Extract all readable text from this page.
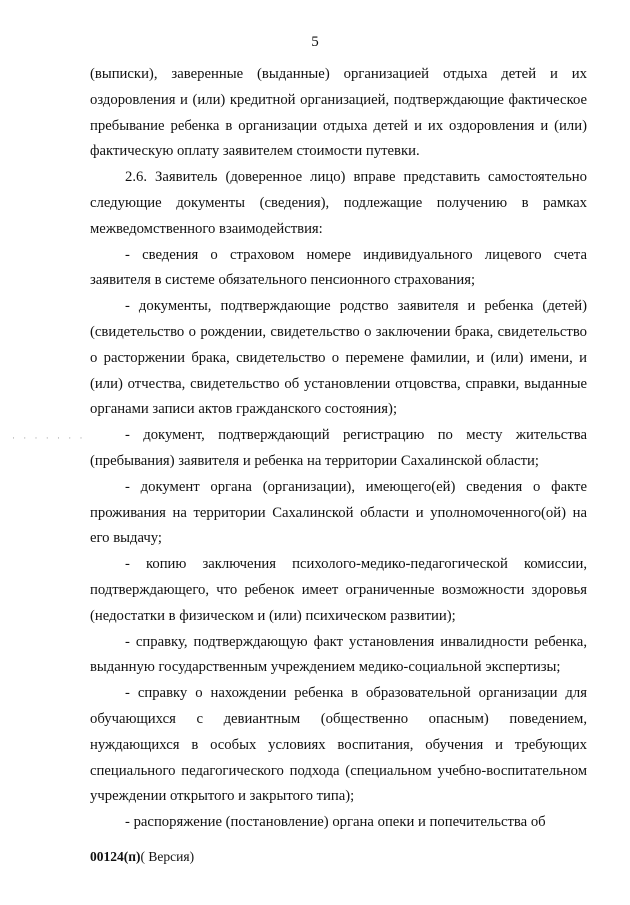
5
· · · · · · ·

(выписки), заверенные (выданные) организацией отдыха детей и их оздоровления и (или) кредитной организацией, подтверждающие фактическое пребывание ребенка в организации отдыха детей и их оздоровления и (или) фактическую оплату заявителем стоимости путевки.

2.6. Заявитель (доверенное лицо) вправе представить самостоятельно следующие документы (сведения), подлежащие получению в рамках межведомственного взаимодействия:

- сведения о страховом номере индивидуального лицевого счета заявителя в системе обязательного пенсионного страхования;

- документы, подтверждающие родство заявителя и ребенка (детей) (свидетельство о рождении, свидетельство о заключении брака, свидетельство о расторжении брака, свидетельство о перемене фамилии, и (или) имени, и (или) отчества, свидетельство об установлении отцовства, справки, выданные органами записи актов гражданского состояния);

- документ, подтверждающий регистрацию по месту жительства (пребывания) заявителя и ребенка на территории Сахалинской области;

- документ органа (организации), имеющего(ей) сведения о факте проживания на территории Сахалинской области и уполномоченного(ой) на его выдачу;

- копию заключения психолого-медико-педагогической комиссии, подтверждающего, что ребенок имеет ограниченные возможности здоровья (недостатки в физическом и (или) психическом развитии);

- справку, подтверждающую факт установления инвалидности ребенка, выданную государственным учреждением медико-социальной экспертизы;

- справку о нахождении ребенка в образовательной организации для обучающихся с девиантным (общественно опасным) поведением, нуждающихся в особых условиях воспитания, обучения и требующих специального педагогического подхода (специальном учебно-воспитательном учреждении открытого и закрытого типа);

- распоряжение (постановление) органа опеки и попечительства об

00124(п)( Версия)
